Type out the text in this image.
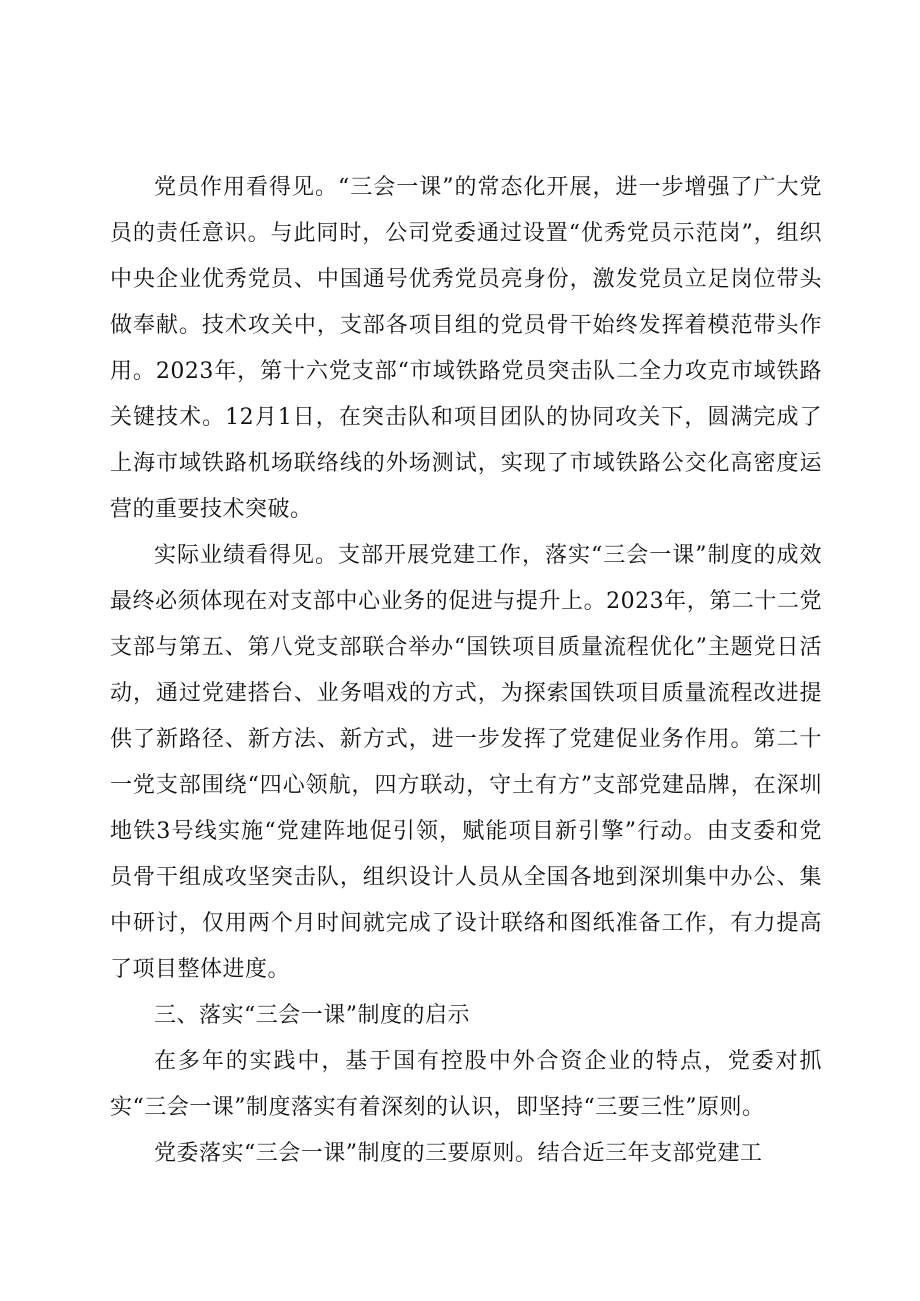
党员作用看得见。“三会一课”的常态化开展，进一步增强了广大党员的责任意识。与此同时，公司党委通过设置“优秀党员示范岗”，组织中央企业优秀党员、中国通号优秀党员亮身份，激发党员立足岗位带头做奉献。技术攻关中，支部各项目组的党员骨干始终发挥着模范带头作用。2023年，第十六党支部“市域铁路党员突击队二全力攻克市域铁路关键技术。12月1日，在突击队和项目团队的协同攻关下，圆满完成了上海市域铁路机场联络线的外场测试，实现了市域铁路公交化高密度运营的重要技术突破。

实际业绩看得见。支部开展党建工作，落实“三会一课”制度的成效最终必须体现在对支部中心业务的促进与提升上。2023年，第二十二党支部与第五、第八党支部联合举办“国铁项目质量流程优化”主题党日活动，通过党建搭台、业务唱戏的方式，为探索国铁项目质量流程改进提供了新路径、新方法、新方式，进一步发挥了党建促业务作用。第二十一党支部围绕“四心领航，四方联动，守土有方”支部党建品牌，在深圳地铁3号线实施“党建阵地促引领，赋能项目新引擎”行动。由支委和党员骨干组成攻坚突击队，组织设计人员从全国各地到深圳集中办公、集中研讨，仅用两个月时间就完成了设计联络和图纸准备工作，有力提高了项目整体进度。

三、落实“三会一课”制度的启示

在多年的实践中，基于国有控股中外合资企业的特点，党委对抓实“三会一课”制度落实有着深刻的认识，即坚持“三要三性”原则。

党委落实“三会一课”制度的三要原则。结合近三年支部党建工
